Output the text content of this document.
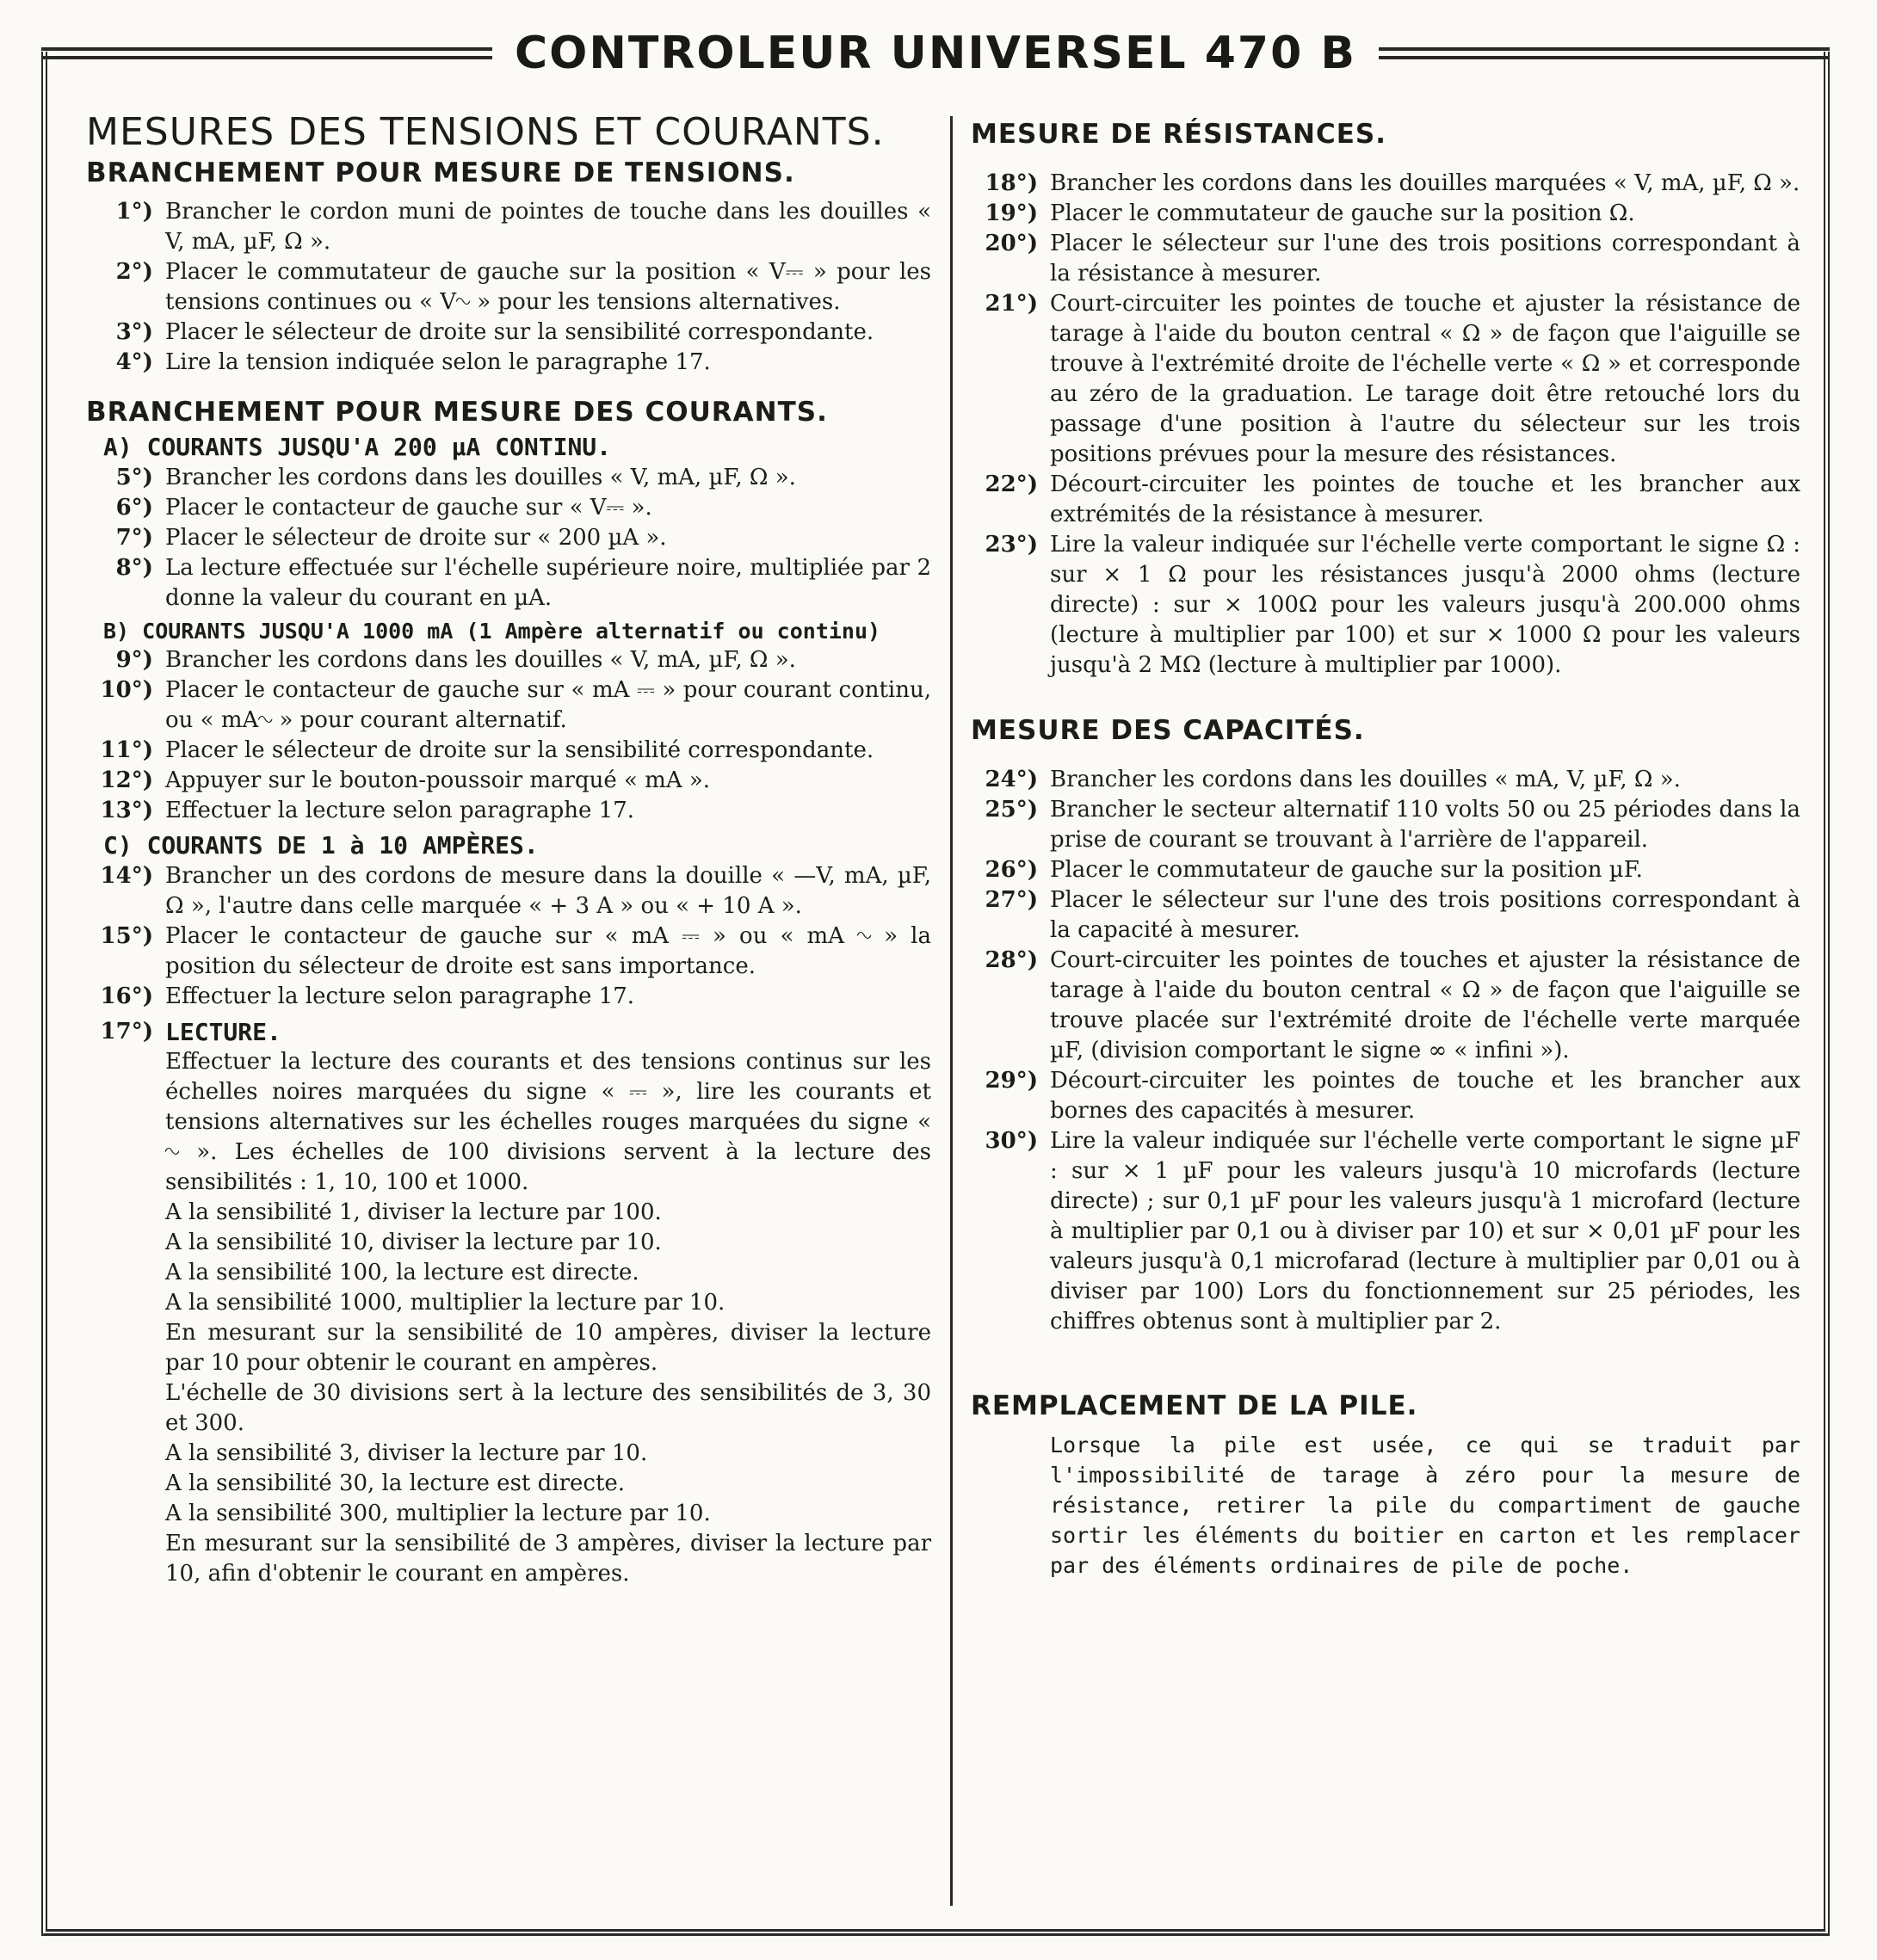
CONTROLEUR UNIVERSEL 470 B
MESURES DES TENSIONS ET COURANTS.
BRANCHEMENT POUR MESURE DE TENSIONS.
1°) Brancher le cordon muni de pointes de touche dans les douilles « V, mA, µF, Ω ».
2°) Placer le commutateur de gauche sur la position « V⎓ » pour les tensions continues ou « V∿ » pour les tensions alternatives.
3°) Placer le sélecteur de droite sur la sensibilité correspondante.
4°) Lire la tension indiquée selon le paragraphe 17.
BRANCHEMENT POUR MESURE DES COURANTS.
A) COURANTS JUSQU'A 200 µA CONTINU.
5°) Brancher les cordons dans les douilles « V, mA, µF, Ω ».
6°) Placer le contacteur de gauche sur « V⎓ ».
7°) Placer le sélecteur de droite sur « 200 µA ».
8°) La lecture effectuée sur l'échelle supérieure noire, multipliée par 2 donne la valeur du courant en µA.
B) COURANTS JUSQU'A 1000 mA (1 Ampère alternatif ou continu)
9°) Brancher les cordons dans les douilles « V, mA, µF, Ω ».
10°) Placer le contacteur de gauche sur « mA ⎓ » pour courant continu, ou « mA∿ » pour courant alternatif.
11°) Placer le sélecteur de droite sur la sensibilité correspondante.
12°) Appuyer sur le bouton-poussoir marqué « mA ».
13°) Effectuer la lecture selon paragraphe 17.
C) COURANTS DE 1 à 10 AMPÈRES.
14°) Brancher un des cordons de mesure dans la douille « —V, mA, µF, Ω », l'autre dans celle marquée « + 3 A » ou « + 10 A ».
15°) Placer le contacteur de gauche sur « mA ⎓ » ou « mA ∿ » la position du sélecteur de droite est sans importance.
16°) Effectuer la lecture selon paragraphe 17.
17°) LECTURE.

Effectuer la lecture des courants et des tensions continus sur les échelles noires marquées du signe « ⎓ », lire les courants et tensions alternatives sur les échelles rouges marquées du signe « ∿ ». Les échelles de 100 divisions servent à la lecture des sensibilités : 1, 10, 100 et 1000.

A la sensibilité 1, diviser la lecture par 100.

A la sensibilité 10, diviser la lecture par 10.

A la sensibilité 100, la lecture est directe.

A la sensibilité 1000, multiplier la lecture par 10.

En mesurant sur la sensibilité de 10 ampères, diviser la lecture par 10 pour obtenir le courant en ampères.

L'échelle de 30 divisions sert à la lecture des sensibilités de 3, 30 et 300.

A la sensibilité 3, diviser la lecture par 10.

A la sensibilité 30, la lecture est directe.

A la sensibilité 300, multiplier la lecture par 10.

En mesurant sur la sensibilité de 3 ampères, diviser la lecture par 10, afin d'obtenir le courant en ampères.

MESURE DE RÉSISTANCES.
18°) Brancher les cordons dans les douilles marquées « V, mA, µF, Ω ».
19°) Placer le commutateur de gauche sur la position Ω.
20°) Placer le sélecteur sur l'une des trois positions correspondant à la résistance à mesurer.
21°) Court-circuiter les pointes de touche et ajuster la résistance de tarage à l'aide du bouton central « Ω » de façon que l'aiguille se trouve à l'extrémité droite de l'échelle verte « Ω » et corresponde au zéro de la graduation. Le tarage doit être retouché lors du passage d'une position à l'autre du sélecteur sur les trois positions prévues pour la mesure des résistances.
22°) Décourt-circuiter les pointes de touche et les brancher aux extrémités de la résistance à mesurer.
23°) Lire la valeur indiquée sur l'échelle verte comportant le signe Ω : sur × 1 Ω pour les résistances jusqu'à 2000 ohms (lecture directe) : sur × 100Ω pour les valeurs jusqu'à 200.000 ohms (lecture à multiplier par 100) et sur × 1000 Ω pour les valeurs jusqu'à 2 MΩ (lecture à multiplier par 1000).
MESURE DES CAPACITÉS.
24°) Brancher les cordons dans les douilles « mA, V, µF, Ω ».
25°) Brancher le secteur alternatif 110 volts 50 ou 25 périodes dans la prise de courant se trouvant à l'arrière de l'appareil.
26°) Placer le commutateur de gauche sur la position µF.
27°) Placer le sélecteur sur l'une des trois positions correspondant à la capacité à mesurer.
28°) Court-circuiter les pointes de touches et ajuster la résistance de tarage à l'aide du bouton central « Ω » de façon que l'aiguille se trouve placée sur l'extrémité droite de l'échelle verte marquée µF, (division comportant le signe ∞ « infini »).
29°) Décourt-circuiter les pointes de touche et les brancher aux bornes des capacités à mesurer.
30°) Lire la valeur indiquée sur l'échelle verte comportant le signe µF : sur × 1 µF pour les valeurs jusqu'à 10 microfards (lecture directe) ; sur 0,1 µF pour les valeurs jusqu'à 1 microfard (lecture à multiplier par 0,1 ou à diviser par 10) et sur × 0,01 µF pour les valeurs jusqu'à 0,1 microfarad (lecture à multiplier par 0,01 ou à diviser par 100) Lors du fonctionnement sur 25 périodes, les chiffres obtenus sont à multiplier par 2.
REMPLACEMENT DE LA PILE.

Lorsque la pile est usée, ce qui se traduit par l'impossibilité de tarage à zéro pour la mesure de résistance, retirer la pile du compartiment de gauche sortir les éléments du boitier en carton et les remplacer par des éléments ordinaires de pile de poche.
